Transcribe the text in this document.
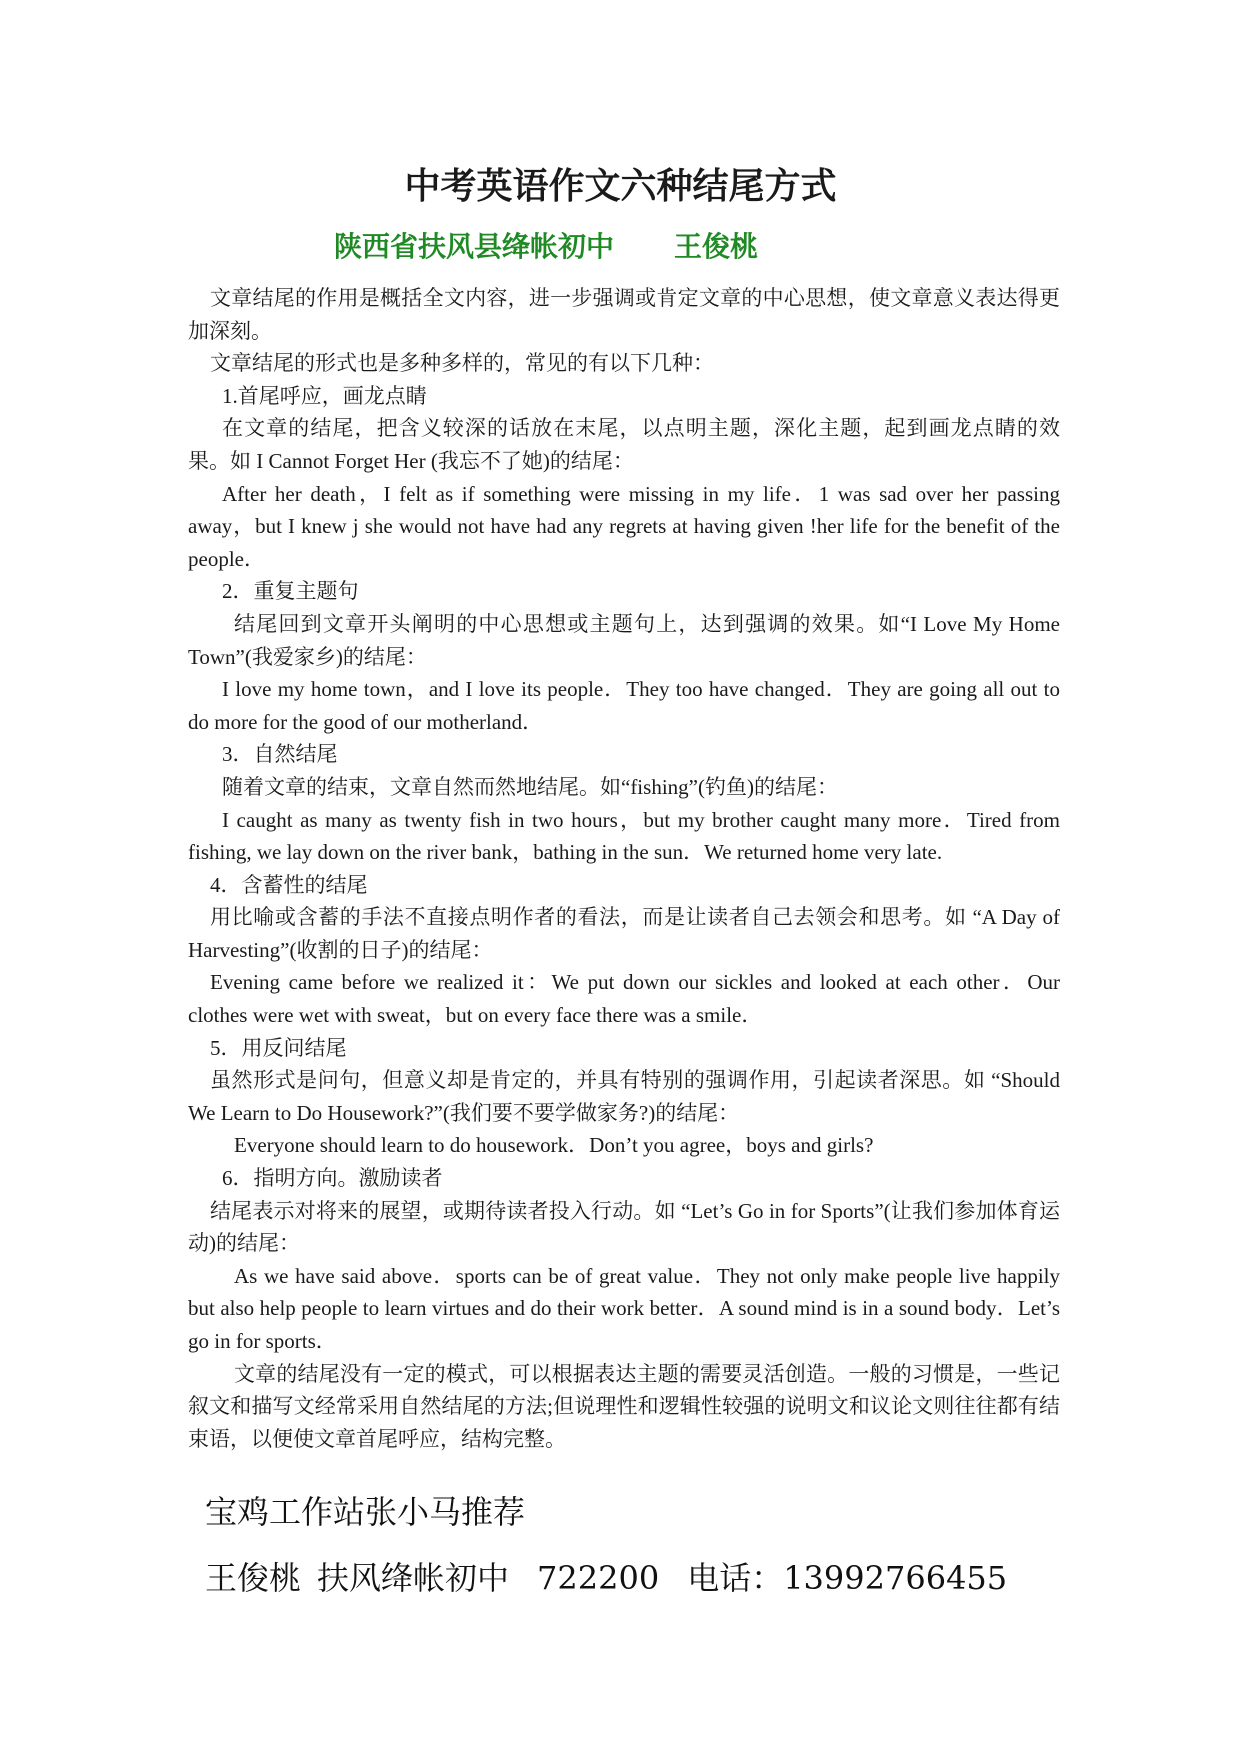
中考英语作文六种结尾方式
陕西省扶风县绛帐初中 王俊桃

文章结尾的作用是概括全文内容，进一步强调或肯定文章的中心思想，使文章意义表达得更加深刻。

文章结尾的形式也是多种多样的，常见的有以下几种：

1.首尾呼应，画龙点睛

在文章的结尾，把含义较深的话放在末尾，以点明主题，深化主题，起到画龙点睛的效果。如 I Cannot Forget Her (我忘不了她)的结尾：

After her death，I felt as if something were missing in my life．1 was sad over her passing away，but I knew j she would not have had any regrets at having given !her life for the benefit of the people．

2．重复主题句

结尾回到文章开头阐明的中心思想或主题句上，达到强调的效果。如“I Love My Home Town”(我爱家乡)的结尾：

I love my home town，and I love its people．They too have changed．They are going all out to do more for the good of our motherland．

3．自然结尾

随着文章的结束，文章自然而然地结尾。如“fishing”(钓鱼)的结尾：

I caught as many as twenty fish in two hours，but my brother caught many more．Tired from fishing, we lay down on the river bank，bathing in the sun．We returned home very late.

4．含蓄性的结尾

用比喻或含蓄的手法不直接点明作者的看法，而是让读者自己去领会和思考。如 “A Day of Harvesting”(收割的日子)的结尾：

Evening came before we realized it：We put down our sickles and looked at each other．Our clothes were wet with sweat，but on every face there was a smile．

5．用反问结尾

虽然形式是问句，但意义却是肯定的，并具有特别的强调作用，引起读者深思。如 “Should We Learn to Do Housework?”(我们要不要学做家务?)的结尾：

Everyone should learn to do housework．Don’t you agree，boys and girls?

6．指明方向。激励读者

结尾表示对将来的展望，或期待读者投入行动。如 “Let’s Go in for Sports”(让我们参加体育运动)的结尾：

As we have said above．sports can be of great value．They not only make people live happily but also help people to learn virtues and do their work better．A sound mind is in a sound body．Let’s go in for sports．

文章的结尾没有一定的模式，可以根据表达主题的需要灵活创造。一般的习惯是，一些记叙文和描写文经常采用自然结尾的方法;但说理性和逻辑性较强的说明文和议论文则往往都有结束语，以便使文章首尾呼应，结构完整。

宝鸡工作站张小马推荐
王俊桃 扶风绛帐初中 722200 电话：13992766455
